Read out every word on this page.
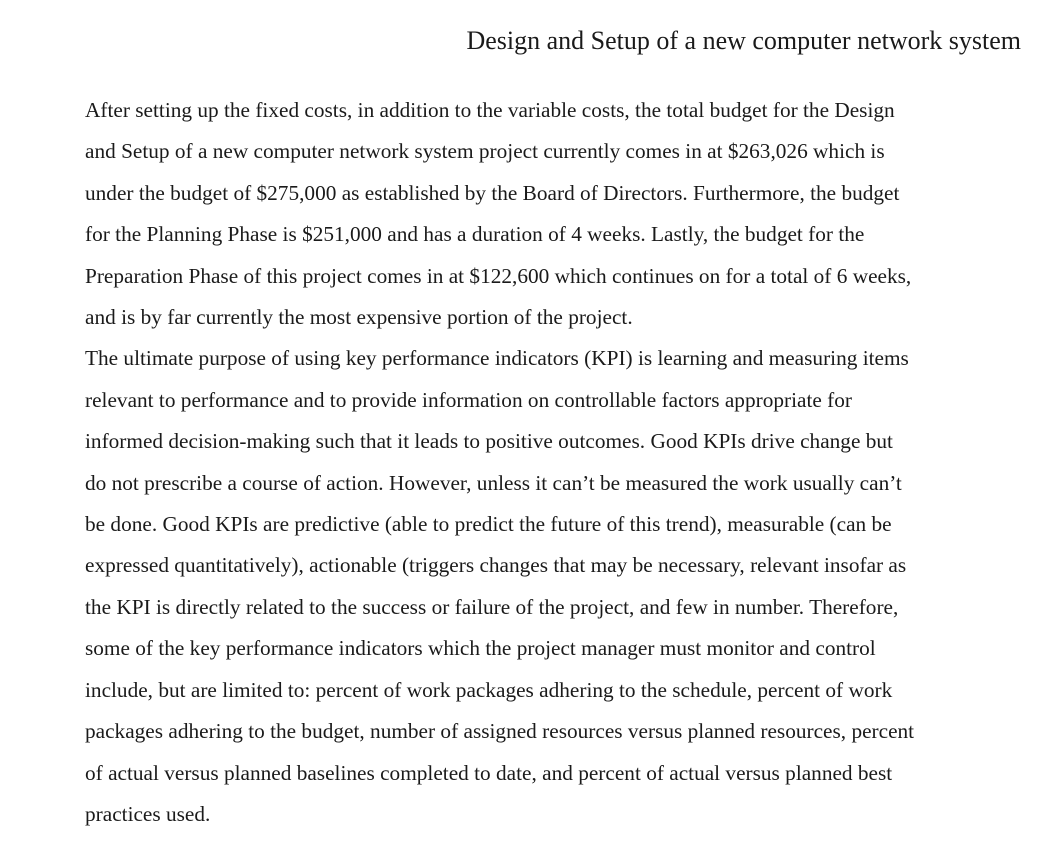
Design and Setup of a new computer network system

After setting up the fixed costs, in addition to the variable costs, the total budget for the Design
and Setup of a new computer network system project currently comes in at $263,026 which is
under the budget of $275,000 as established by the Board of Directors. Furthermore, the budget
for the Planning Phase is $251,000 and has a duration of 4 weeks. Lastly, the budget for the
Preparation Phase of this project comes in at $122,600 which continues on for a total of 6 weeks,
and is by far currently the most expensive portion of the project.

The ultimate purpose of using key performance indicators (KPI) is learning and measuring items
relevant to performance and to provide information on controllable factors appropriate for
informed decision-making such that it leads to positive outcomes. Good KPIs drive change but
do not prescribe a course of action. However, unless it can’t be measured the work usually can’t
be done. Good KPIs are predictive (able to predict the future of this trend), measurable (can be
expressed quantitatively), actionable (triggers changes that may be necessary, relevant insofar as
the KPI is directly related to the success or failure of the project, and few in number. Therefore,
some of the key performance indicators which the project manager must monitor and control
include, but are limited to: percent of work packages adhering to the schedule, percent of work
packages adhering to the budget, number of assigned resources versus planned resources, percent
of actual versus planned baselines completed to date, and percent of actual versus planned best
practices used.
